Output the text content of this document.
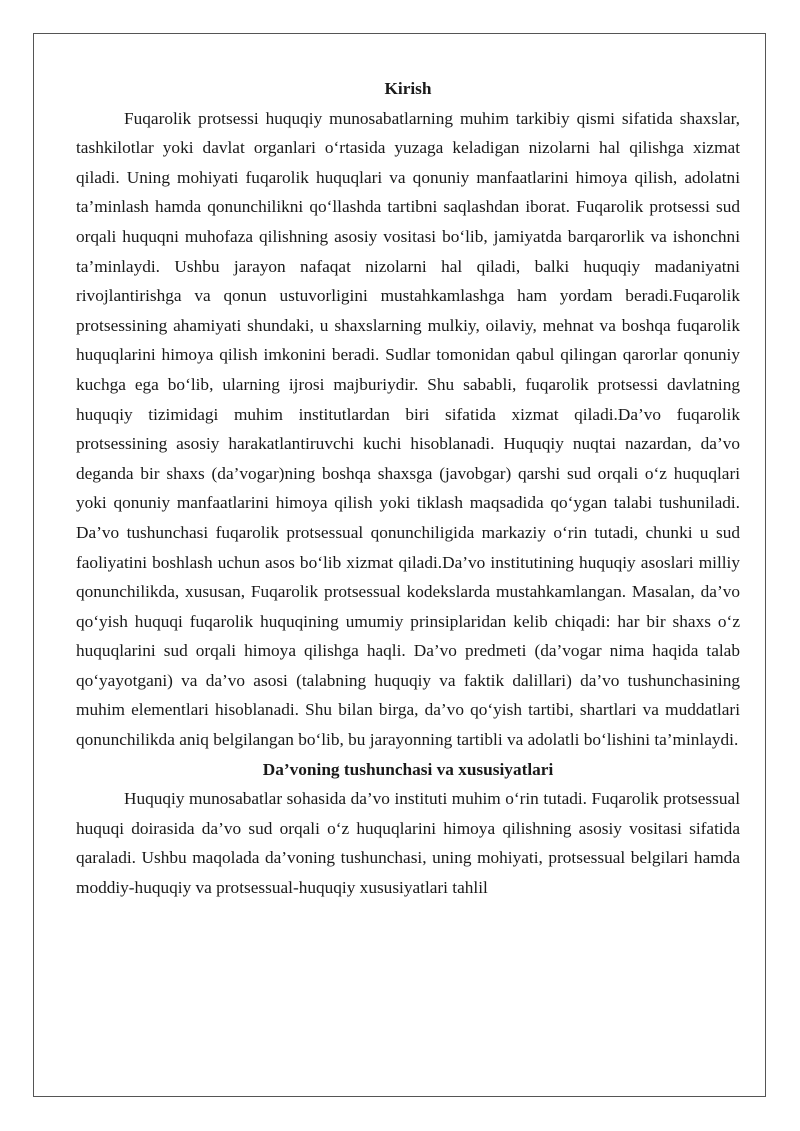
Kirish

Fuqarolik protsessi huquqiy munosabatlarning muhim tarkibiy qismi sifatida shaxslar, tashkilotlar yoki davlat organlari o‘rtasida yuzaga keladigan nizolarni hal qilishga xizmat qiladi. Uning mohiyati fuqarolik huquqlari va qonuniy manfaatlarini himoya qilish, adolatni ta’minlash hamda qonunchilikni qo‘llashda tartibni saqlashdan iborat. Fuqarolik protsessi sud orqali huquqni muhofaza qilishning asosiy vositasi bo‘lib, jamiyatda barqarorlik va ishonchni ta’minlaydi. Ushbu jarayon nafaqat nizolarni hal qiladi, balki huquqiy madaniyatni rivojlantirishga va qonun ustuvorligini mustahkamlashga ham yordam beradi.Fuqarolik protsessining ahamiyati shundaki, u shaxslarning mulkiy, oilaviy, mehnat va boshqa fuqarolik huquqlarini himoya qilish imkonini beradi. Sudlar tomonidan qabul qilingan qarorlar qonuniy kuchga ega bo‘lib, ularning ijrosi majburiydir. Shu sababli, fuqarolik protsessi davlatning huquqiy tizimidagi muhim institutlardan biri sifatida xizmat qiladi.Da’vo fuqarolik protsessining asosiy harakatlantiruvchi kuchi hisoblanadi. Huquqiy nuqtai nazardan, da’vo deganda bir shaxs (da’vogar)ning boshqa shaxsga (javobgar) qarshi sud orqali o‘z huquqlari yoki qonuniy manfaatlarini himoya qilish yoki tiklash maqsadida qo‘ygan talabi tushuniladi. Da’vo tushunchasi fuqarolik protsessual qonunchiligida markaziy o‘rin tutadi, chunki u sud faoliyatini boshlash uchun asos bo‘lib xizmat qiladi.Da’vo institutining huquqiy asoslari milliy qonunchilikda, xususan, Fuqarolik protsessual kodekslarda mustahkamlangan. Masalan, da’vo qo‘yish huquqi fuqarolik huquqining umumiy prinsiplaridan kelib chiqadi: har bir shaxs o‘z huquqlarini sud orqali himoya qilishga haqli. Da’vo predmeti (da’vogar nima haqida talab qo‘yayotgani) va da’vo asosi (talabning huquqiy va faktik dalillari) da’vo tushunchasining muhim elementlari hisoblanadi. Shu bilan birga, da’vo qo‘yish tartibi, shartlari va muddatlari qonunchilikda aniq belgilangan bo‘lib, bu jarayonning tartibli va adolatli bo‘lishini ta’minlaydi.

Da’voning tushunchasi va xususiyatlari

Huquqiy munosabatlar sohasida da’vo instituti muhim o‘rin tutadi. Fuqarolik protsessual huquqi doirasida da’vo sud orqali o‘z huquqlarini himoya qilishning asosiy vositasi sifatida qaraladi. Ushbu maqolada da’voning tushunchasi, uning mohiyati, protsessual belgilari hamda moddiy-huquqiy va protsessual-huquqiy xususiyatlari tahlil
